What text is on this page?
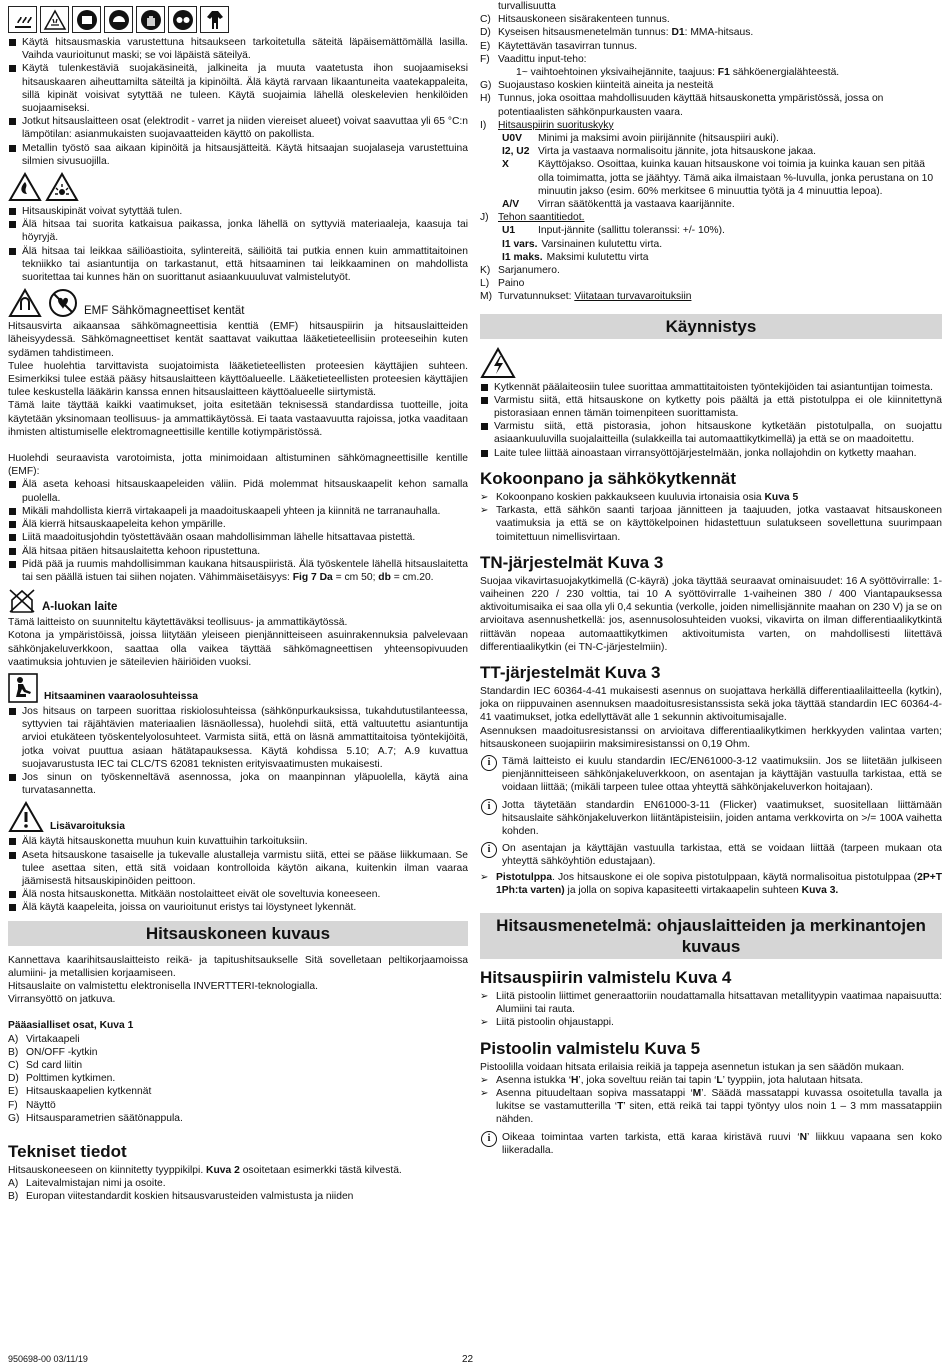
Käytä hitsausmaskia varustettuna hitsaukseen tarkoitetulla säteitä läpäisemättömällä lasilla. Vaihda vaurioitunut maski; se voi läpäistä säteilyä.
Käytä tulenkestäviä suojakäsineitä, jalkineita ja muuta vaatetusta ihon suojaamiseksi hitsauskaaren aiheuttamilta säteiltä ja kipinöiltä. Älä käytä rarvaan likaantuneita vaatekappaleita, sillä kipinät voisivat sytyttää ne tuleen. Käytä suojaimia lähellä oleskelevien henkilöiden suojaamiseksi.
Jotkut hitsauslaitteen osat (elektrodit - varret ja niiden viereiset alueet) voivat saavuttaa yli 65 °C:n lämpötilan: asianmukaisten suojavaatteiden käyttö on pakollista.
Metallin työstö saa aikaan kipinöitä ja hitsausjätteitä. Käytä hitsaajan suojalaseja varustettuina silmien sivusuojilla.
Hitsauskipinät voivat sytyttää tulen.
Älä hitsaa tai suorita katkaisua paikassa, jonka lähellä on syttyviä materiaaleja, kaasuja tai höyryjä.
Älä hitsaa tai leikkaa säiliöastioita, sylintereitä, säiliöitä tai putkia ennen kuin ammattitaitoinen tekniikko tai asiantuntija on tarkastanut, että hitsaaminen tai leikkaaminen on mahdollista suoritettaa tai kunnes hän on suorittanut asiaankuuuluvat valmistelutyöt.
EMF Sähkömagneettiset kentät

Hitsausvirta aikaansaa sähkömagneettisia kenttiä (EMF) hitsauspiirin ja hitsauslaitteiden läheisyydessä. Sähkömagneettiset kentät saattavat vaikuttaa lääketieteellisiin proteeseihin kuten sydämen tahdistimeen.

Tulee huolehtia tarvittavista suojatoimista lääketieteellisten proteesien käyttäjien suhteen. Esimerkiksi tulee estää pääsy hitsauslaitteen käyttöalueelle. Lääketieteellisten proteesien käyttäjien tulee keskustella lääkärin kanssa ennen hitsauslaitteen käyttöalueelle siirtymistä.

Tämä laite täyttää kaikki vaatimukset, joita esitetään teknisessä standardissa tuotteille, joita käytetään yksinomaan teollisuus- ja ammattikäytössä. Ei taata vastaavuutta rajoissa, jotka vaaditaan ihmisten altistumiselle elektromagneettisille kentille kotiympäristössä.

Huolehdi seuraavista varotoimista, jotta minimoidaan altistuminen sähkömagneettisille kentille (EMF):

Älä aseta kehoasi hitsauskaapeleiden väliin. Pidä molemmat hitsauskaapelit kehon samalla puolella.
Mikäli mahdollista kierrä virtakaapeli ja maadoituskaapeli yhteen ja kiinnitä ne tarranauhalla.
Älä kierrä hitsauskaapeleita kehon ympärille.
Liitä maadoitusjohdin työstettävään osaan mahdollisimman lähelle hitsattavaa pistettä.
Älä hitsaa pitäen hitsauslaitetta kehoon ripustettuna.
Pidä pää ja ruumis mahdollisimman kaukana hitsauspiiristä. Älä työskentele lähellä hitsauslaitetta tai sen päällä istuen tai siihen nojaten. Vähimmäisetäisyys: Fig 7 Da = cm 50; db = cm.20.
A-luokan laite

Tämä laitteisto on suunniteltu käytettäväksi teollisuus- ja ammattikäytössä.

Kotona ja ympäristöissä, joissa liitytään yleiseen pienjännitteiseen asuinrakennuksia palvelevaan sähkönjakeluverkkoon, saattaa olla vaikea täyttää sähkömagneettisen yhteensopivuuden vaatimuksia johtuvien je säteilevien häiriöiden vuoksi.

Hitsaaminen vaaraolosuhteissa
Jos hitsaus on tarpeen suorittaa riskiolosuhteissa (sähkönpurkauksissa, tukahdutustilanteessa, syttyvien tai räjähtävien materiaalien läsnäollessa), huolehdi siitä, että valtuutettu asiantuntija arvioi etukäteen työskentelyolosuhteet. Varmista siitä, että on läsnä ammattitaitoisa työntekijöitä, jotka voivat puuttua asiaan hätätapauksessa. Käytä kohdissa 5.10; A.7; A.9 kuvattua suojavarustusta IEC tai CLC/TS 62081 teknisten erityisvaatimusten mukaisesti.
Jos sinun on työskenneltävä asennossa, joka on maanpinnan yläpuolella, käytä aina turvatasannetta.
Lisävaroituksia
Älä käytä hitsauskonetta muuhun kuin kuvattuihin tarkoituksiin.
Aseta hitsauskone tasaiselle ja tukevalle alustalleja varmistu siitä, ettei se pääse liikkumaan. Se tulee asettaa siten, että sitä voidaan kontrolloida käytön aikana, kuitenkin ilman vaaraa jäämisestä hitsauskipinöiden peittoon.
Älä nosta hitsauskonetta. Mitkään nostolaitteet eivät ole soveltuvia koneeseen.
Älä käytä kaapeleita, joissa on vaurioitunut eristys tai löystyneet lykennät.
Hitsauskoneen kuvaus

Kannettava kaarihitsauslaitteisto reikä- ja tapitushitsaukselle Sitä sovelletaan peltikorjaamoissa alumiini- ja metallisien korjaamiseen.

Hitsauslaite on valmistettu elektronisella INVERTTERI-teknologialla.

Virransyöttö on jatkuva.

Pääasialliset osat, Kuva 1

A) Virtakaapeli
B) ON/OFF -kytkin
C) Sd card liitin
D) Polttimen kytkimen.
E) Hitsauskaapelien kytkennät
F) Näyttö
G) Hitsausparametrien säätönappula.
Tekniset tiedot

Hitsauskoneeseen on kiinnitetty tyyppikilpi. Kuva 2 osoitetaan esimerkki tästä kilvestä.

A) Laitevalmistajan nimi ja osoite.
B) Europan viitestandardit koskien hitsausvarusteiden valmistusta ja niiden
turvallisuutta
C) Hitsauskoneen sisärakenteen tunnus.
D) Kyseisen hitsausmenetelmän tunnus: D1: MMA-hitsaus.
E) Käytettävän tasavirran tunnus.
F) Vaadittu input-teho:
1~ vaihtoehtoinen yksivaihejännite, taajuus: F1 sähköenergialähteestä.
G) Suojaustaso koskien kiinteitä aineita ja nesteitä
H) Tunnus, joka osoittaa mahdollisuuden käyttää hitsauskonetta ympäristössä, jossa on potentiaalisten sähkönpurkausten vaara.
I) Hitsauspiirin suorituskyky
U0V Minimi ja maksimi avoin piirijännite (hitsauspiiri auki).
I2, U2 Virta ja vastaava normalisoitu jännite, jota hitsauskone jakaa.
X	Käyttöjakso. Osoittaa, kuinka kauan hitsauskone voi toimia ja kuinka kauan sen pitää olla toimimatta, jotta se jäähtyy. Tämä aika ilmaistaan %-luvulla, jonka perustana on 10 minuutin jakso (esim. 60% merkitsee 6 minuuttia työtä ja 4 minuuttia lepoa).
A/V Virran säätökenttä ja vastaava kaarijännite.
J) Tehon saantitiedot.
U1 Input-jännite (sallittu toleranssi: +/- 10%).
I1 vars. Varsinainen kulutettu virta.
I1 maks. Maksimi kulutettu virta
K) Sarjanumero.
L) Paino
M) Turvatunnukset: Viitataan turvavaroituksiin
Käynnistys
Kytkennät päälaiteosiin tulee suorittaa ammattitaitoisten työntekijöiden tai asiantuntijan toimesta.
Varmistu siitä, että hitsauskone on kytketty pois päältä ja että pistotulppa ei ole kiinnitettynä pistorasiaan ennen tämän toimenpiteen suorittamista.
Varmistu siitä, että pistorasia, johon hitsauskone kytketään pistotulpalla, on suojattu asiaankuuluvilla suojalaitteilla (sulakkeilla tai automaattikytkimellä) ja että se on maadoitettu.
Laite tulee liittää ainoastaan virransyöttöjärjestelmään, jonka nollajohdin on kytketty maahan.
Kokoonpano ja sähkökytkennät
➢ Kokoonpano koskien pakkaukseen kuuluvia irtonaisia osia Kuva 5
➢ Tarkasta, että sähkön saanti tarjoaa jännitteen ja taajuuden, jotka vastaavat hitsauskoneen vaatimuksia ja että se on käyttökelpoinen hidastettuun sulatukseen sovellettuna suurimpaan toimitettuun nimellisvirtaan.
TN-järjestelmät Kuva 3

Suojaa vikavirtasuojakytkimellä (C-käyrä) ,joka täyttää seuraavat ominaisuudet: 16 A syöttövirralle: 1-vaiheinen 220 / 230 volttia, tai 10 A syöttövirralle 1-vaiheinen 380 / 400 Viantapauksessa aktivoitumisaika ei saa olla yli 0,4 sekuntia (verkolle, joiden nimellisjännite maahan on 230 V) ja se on arvioitava asennushetkellä: jos, asennusolosuhteiden vuoksi, vikavirta on ilman differentiaalikytkintä riittävän nopeaa automaattikytkimen aktivoitumista varten, on mahdollisesti liitettävä differentiaalikytkin (ei TN-C-järjestelmiin).

TT-järjestelmät Kuva 3

Standardin IEC 60364-4-41 mukaisesti asennus on suojattava herkällä differentiaalilaitteella (kytkin), joka on riippuvainen asennuksen maadoitusresistanssista sekä joka täyttää standardin IEC 60364-4-41 vaatimukset, jotka edellyttävät alle 1 sekunnin aktivoitumisajalle.

Asennuksen maadoitusresistanssi on arvioitava differentiaalikytkimen herkkyyden valintaa varten; hitsauskoneen suojapiirin maksimiresistanssi on 0,19 Ohm.

i	Tämä laitteisto ei kuulu standardin IEC/EN61000-3-12 vaatimuksiin. Jos se liitetään julkiseen pienjännitteiseen sähkönjakeluverkkoon, on asentajan ja käyttäjän vastuulla tarkistaa, että se voidaan liittää; (mikäli tarpeen tulee ottaa yhteyttä sähkönjakeluverkon hoitajaan).
i	Jotta täytetään standardin EN61000-3-11 (Flicker) vaatimukset, suositellaan liittämään hitsauslaite sähkönjakeluverkon liitäntäpisteisiin, joiden antama verkkovirta on >/= 100A vaihetta kohden.
i	On asentajan ja käyttäjän vastuulla tarkistaa, että se voidaan liittää (tarpeen mukaan ota yhteyttä sähköyhtiön edustajaan).
➢ Pistotulppa. Jos hitsauskone ei ole sopiva pistotulppaan, käytä normalisoitua pistotulppaa (2P+T 1Ph:ta varten) ja jolla on sopiva kapasiteetti virtakaapelin suhteen Kuva 3.
Hitsausmenetelmä: ohjauslaitteiden ja merkinantojen kuvaus
Hitsauspiirin valmistelu Kuva 4
➢ Liitä pistoolin liittimet generaattoriin noudattamalla hitsattavan metallityypin vaatimaa napaisuutta: Alumiini tai rauta.
➢ Liitä pistoolin ohjaustappi.
Pistoolin valmistelu Kuva 5

Pistoolilla voidaan hitsata erilaisia reikiä ja tappeja asennetun istukan ja sen säädön mukaan.

➢ Asenna istukka ‘H’, joka soveltuu reiän tai tapin ‘L’ tyyppiin, jota halutaan hitsata.
➢ Asenna pituudeltaan sopiva massatappi ‘M’. Säädä massatappi kuvassa osoitetulla tavalla ja lukitse se vastamutterilla ‘T’ siten, että reikä tai tappi työntyy ulos noin 1 – 3 mm massatappiin nähden.
i	Oikeaa toimintaa varten tarkista, että karaa kiristävä ruuvi ‘N’ liikkuu vapaana sen koko liikeradalla.
950698-00 03/11/19	22
